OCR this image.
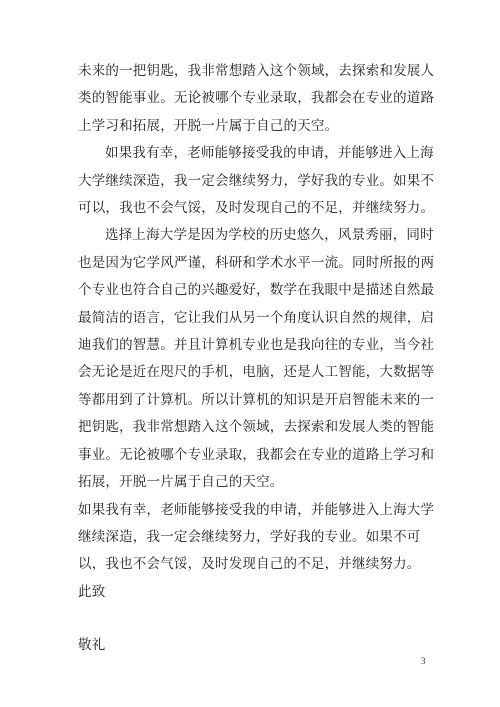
未来的一把钥匙，我非常想踏入这个领域，去探索和发展人类的智能事业。无论被哪个专业录取，我都会在专业的道路上学习和拓展，开脱一片属于自己的天空。

如果我有幸，老师能够接受我的申请，并能够进入上海大学继续深造，我一定会继续努力，学好我的专业。如果不可以，我也不会气馁，及时发现自己的不足，并继续努力。

选择上海大学是因为学校的历史悠久，风景秀丽，同时也是因为它学风严谨，科研和学术水平一流。同时所报的两个专业也符合自己的兴趣爱好，数学在我眼中是描述自然最最简洁的语言，它让我们从另一个角度认识自然的规律，启迪我们的智慧。并且计算机专业也是我向往的专业，当今社会无论是近在咫尺的手机，电脑，还是人工智能，大数据等等都用到了计算机。所以计算机的知识是开启智能未来的一把钥匙，我非常想踏入这个领域，去探索和发展人类的智能事业。无论被哪个专业录取，我都会在专业的道路上学习和拓展，开脱一片属于自己的天空。

如果我有幸，老师能够接受我的申请，并能够进入上海大学继续深造，我一定会继续努力，学好我的专业。如果不可以，我也不会气馁，及时发现自己的不足，并继续努力。

此致

敬礼

3
